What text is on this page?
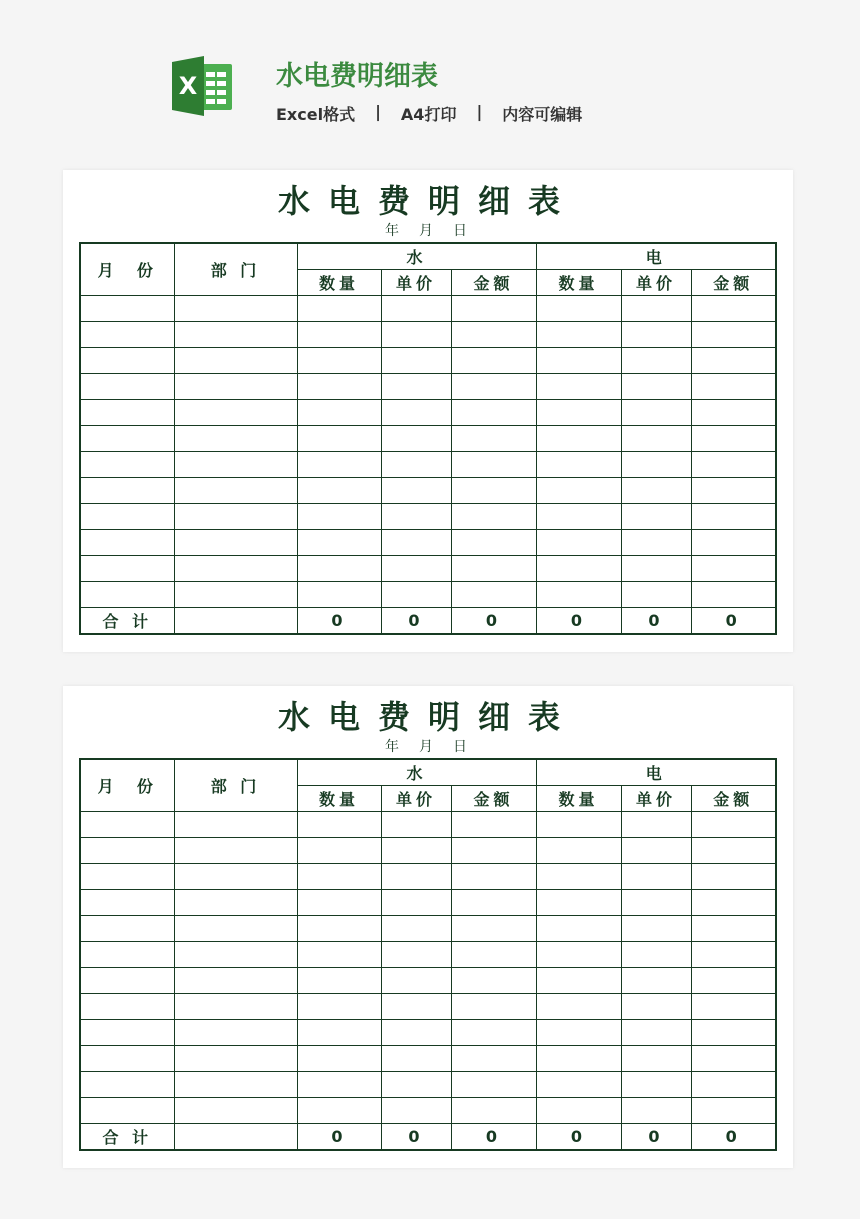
X	水电费明细表
Excel格式 | A4打印 | 内容可编辑
水电费明细表
年 月 日
月  份	部 门	水			电		
		数量	单价	金额	数量	单价	金额

合 计		0	0	0	0	0	0
水电费明细表
年 月 日
月  份	部 门	水			电		
		数量	单价	金额	数量	单价	金额

合 计		0	0	0	0	0	0
